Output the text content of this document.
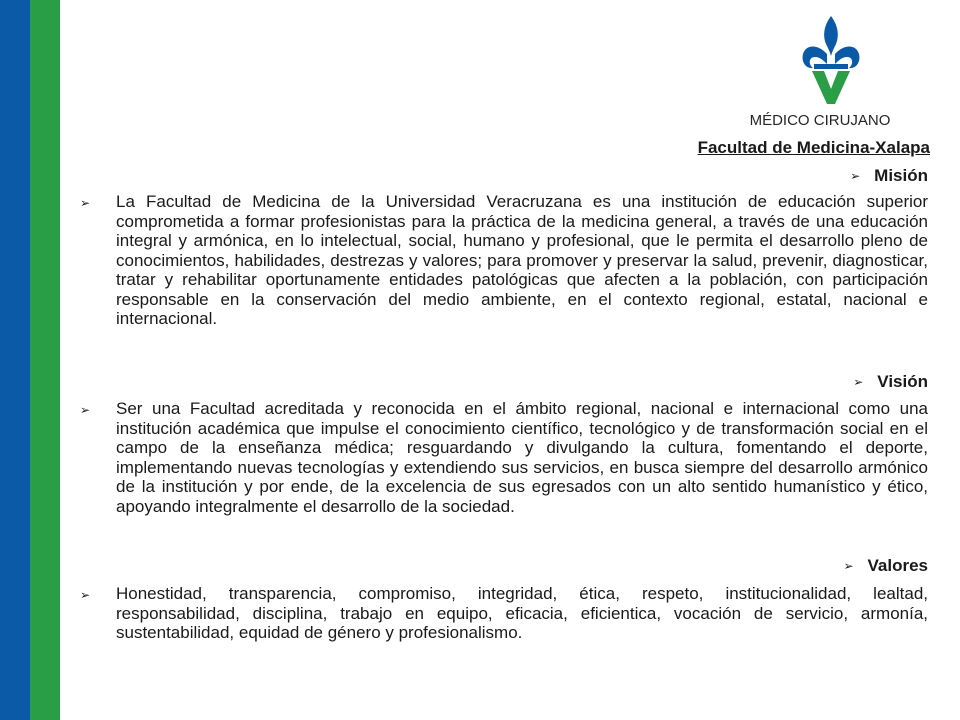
MÉDICO CIRUJANO
Facultad de Medicina-Xalapa
➢ Misión
➢ La Facultad de Medicina de la Universidad Veracruzana es una institución de educación superior comprometida a formar profesionistas para la práctica de la medicina general, a través de una educación integral y armónica, en lo intelectual, social, humano y profesional, que le permita el desarrollo pleno de conocimientos, habilidades, destrezas y valores; para promover y preservar la salud, prevenir, diagnosticar, tratar y rehabilitar oportunamente entidades patológicas que afecten a la población, con participación responsable en la conservación del medio ambiente, en el contexto regional, estatal, nacional e internacional.
➢ Visión
➢ Ser una Facultad acreditada y reconocida en el ámbito regional, nacional e internacional como una institución académica que impulse el conocimiento científico, tecnológico y de transformación social en el campo de la enseñanza médica; resguardando y divulgando la cultura, fomentando el deporte, implementando nuevas tecnologías y extendiendo sus servicios, en busca siempre del desarrollo armónico de la institución y por ende, de la excelencia de sus egresados con un alto sentido humanístico y ético, apoyando integralmente el desarrollo de la sociedad.
➢ Valores
➢ Honestidad, transparencia, compromiso, integridad, ética, respeto, institucionalidad, lealtad, responsabilidad, disciplina, trabajo en equipo, eficacia, eficientica, vocación de servicio, armonía, sustentabilidad, equidad de género y profesionalismo.
